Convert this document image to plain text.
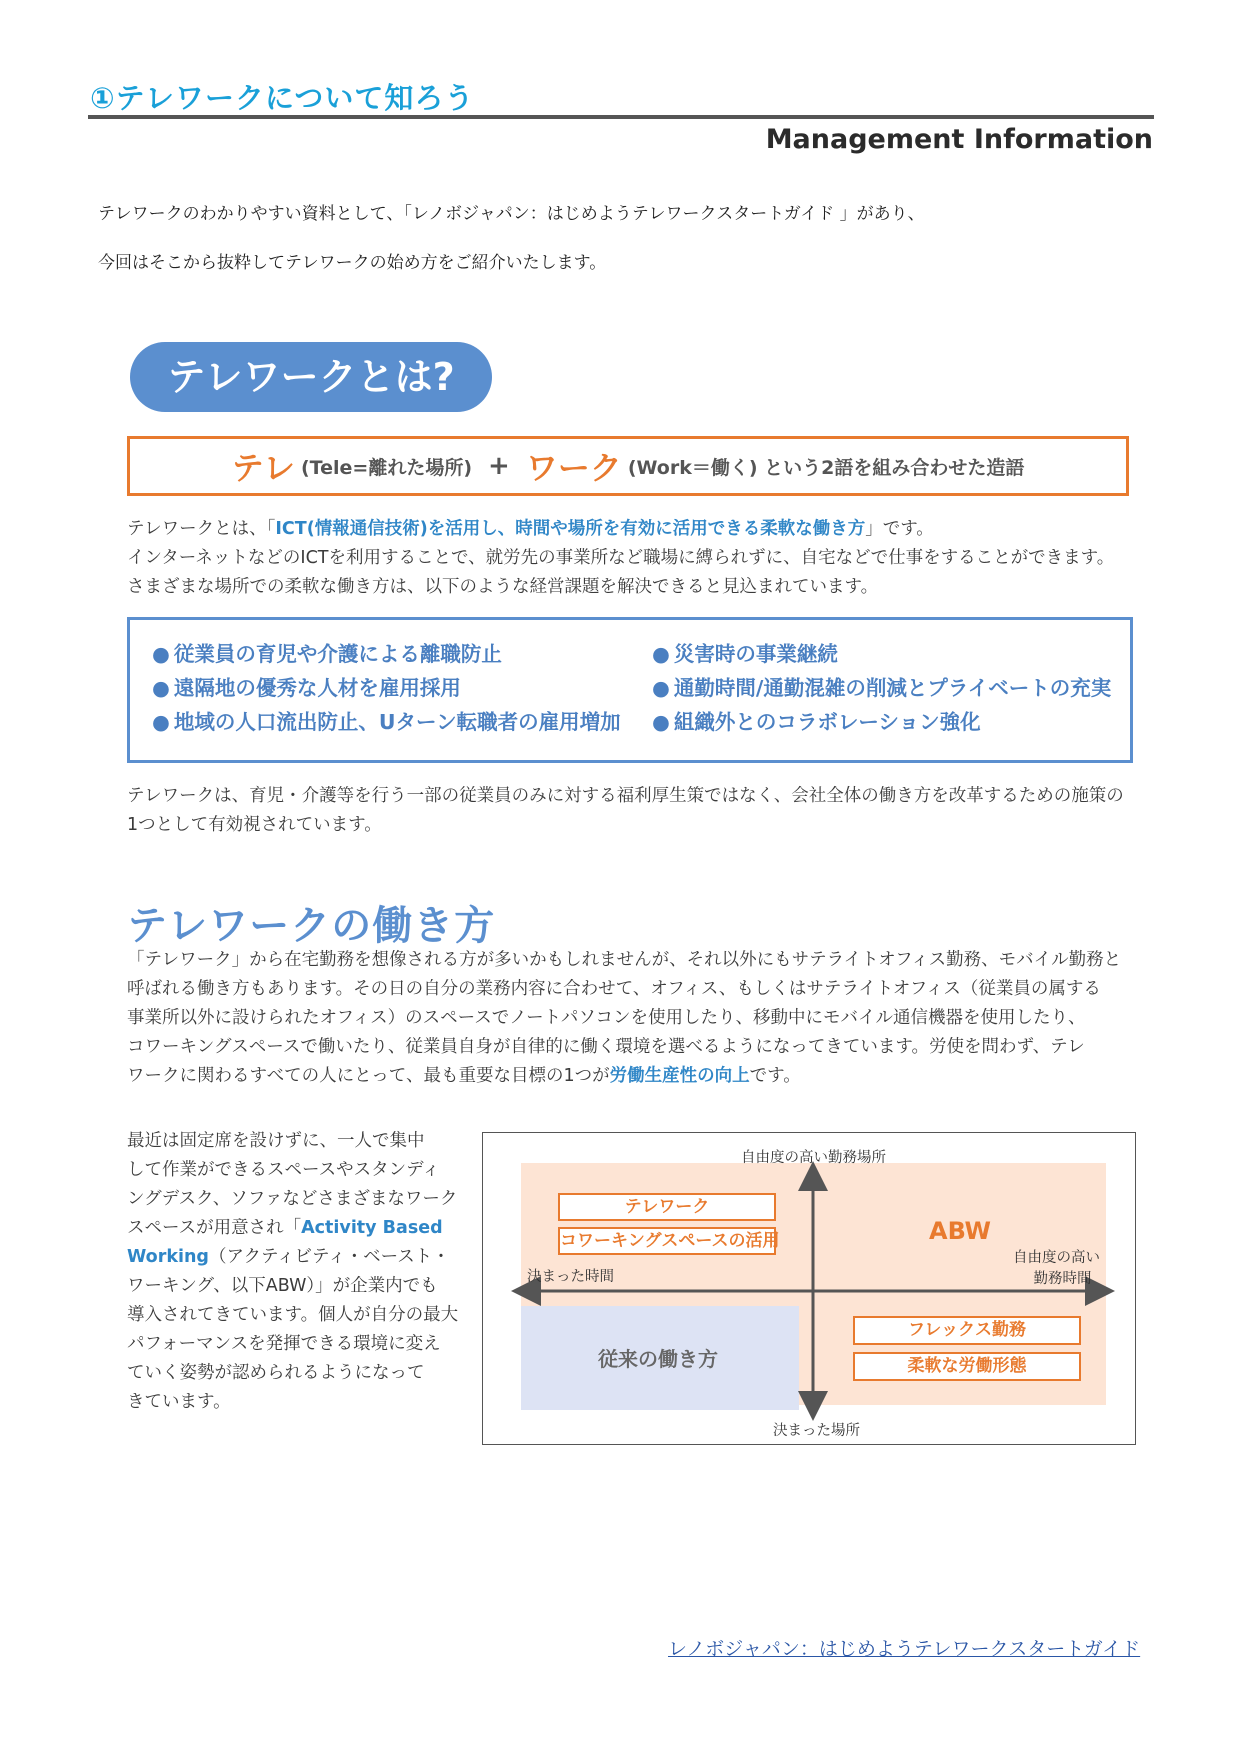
①テレワークについて知ろう
Management Information
テレワークのわかりやすい資料として、「レノボジャパン：はじめようテレワークスタートガイド 」があり、
今回はそこから抜粋してテレワークの始め方をご紹介いたします。
テレワークとは?
テレ (Tele=離れた場所) + ワーク (Work＝働く) という2語を組み合わせた造語
テレワークとは、「ICT(情報通信技術)を活用し、時間や場所を有効に活用できる柔軟な働き方」です。
インターネットなどのICTを利用することで、就労先の事業所など職場に縛られずに、自宅などで仕事をすることができます。
さまざまな場所での柔軟な働き方は、以下のような経営課題を解決できると見込まれています。
● 従業員の育児や介護による離職防止
● 遠隔地の優秀な人材を雇用採用
● 地域の人口流出防止、Uターン転職者の雇用増加
● 災害時の事業継続
● 通勤時間/通勤混雑の削減とプライベートの充実
● 組織外とのコラボレーション強化
テレワークは、育児・介護等を行う一部の従業員のみに対する福利厚生策ではなく、会社全体の働き方を改革するための施策の
1つとして有効視されています。
テレワークの働き方
「テレワーク」から在宅勤務を想像される方が多いかもしれませんが、それ以外にもサテライトオフィス勤務、モバイル勤務と
呼ばれる働き方もあります。その日の自分の業務内容に合わせて、オフィス、もしくはサテライトオフィス（従業員の属する
事業所以外に設けられたオフィス）のスペースでノートパソコンを使用したり、移動中にモバイル通信機器を使用したり、
コワーキングスペースで働いたり、従業員自身が自律的に働く環境を選べるようになってきています。労使を問わず、テレ
ワークに関わるすべての人にとって、最も重要な目標の1つが労働生産性の向上です。
最近は固定席を設けずに、一人で集中
して作業ができるスペースやスタンディ
ングデスク、ソファなどさまざまなワーク
スペースが用意され「Activity Based
Working（アクティビティ・ベースト・
ワーキング、以下ABW）」が企業内でも
導入されてきています。個人が自分の最大
パフォーマンスを発揮できる環境に変え
ていく姿勢が認められるようになって
きています。
自由度の高い勤務場所
決まった場所
決まった時間
自由度の高い
勤務時間
テレワーク
コワーキングスペースの活用	ABW
フレックス勤務
柔軟な労働形態
従来の働き方
レノボジャパン：はじめようテレワークスタートガイド
